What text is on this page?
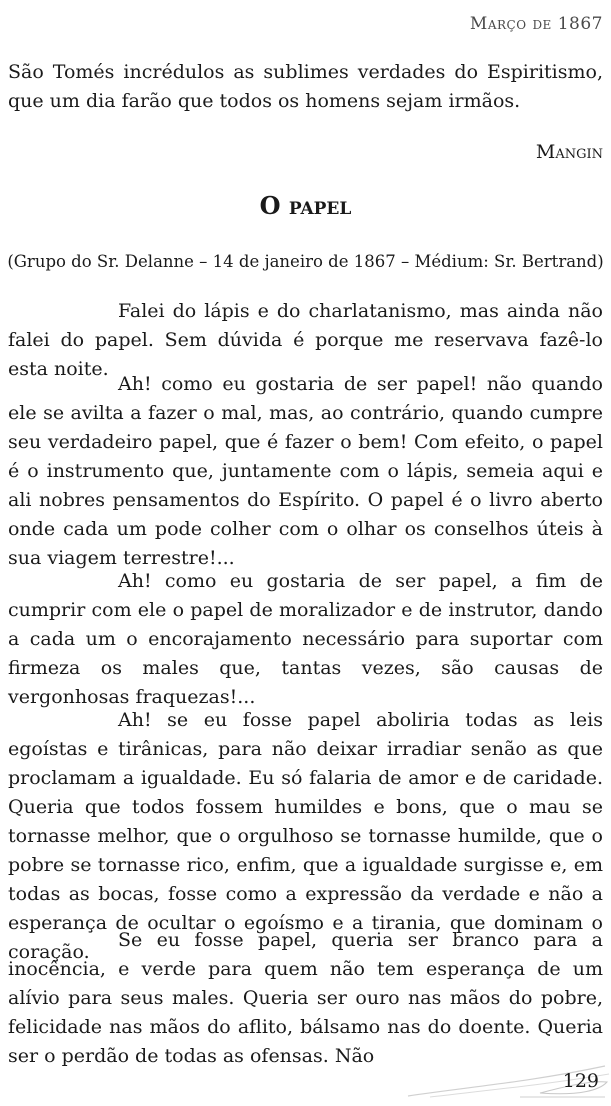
Março de 1867

São Tomés incrédulos as sublimes verdades do Espiritismo, que um dia farão que todos os homens sejam irmãos.

Mangin

O papel

(Grupo do Sr. Delanne – 14 de janeiro de 1867 – Médium: Sr. Bertrand)

Falei do lápis e do charlatanismo, mas ainda não falei do papel. Sem dúvida é porque me reservava fazê-lo esta noite.

Ah! como eu gostaria de ser papel! não quando ele se avilta a fazer o mal, mas, ao contrário, quando cumpre seu verdadeiro papel, que é fazer o bem! Com efeito, o papel é o instrumento que, juntamente com o lápis, semeia aqui e ali nobres pensamentos do Espírito. O papel é o livro aberto onde cada um pode colher com o olhar os conselhos úteis à sua viagem terrestre!...

Ah! como eu gostaria de ser papel, a fim de cumprir com ele o papel de moralizador e de instrutor, dando a cada um o encorajamento necessário para suportar com firmeza os males que, tantas vezes, são causas de vergonhosas fraquezas!...

Ah! se eu fosse papel aboliria todas as leis egoístas e tirânicas, para não deixar irradiar senão as que proclamam a igualdade. Eu só falaria de amor e de caridade. Queria que todos fossem humildes e bons, que o mau se tornasse melhor, que o orgulhoso se tornasse humilde, que o pobre se tornasse rico, enfim, que a igualdade surgisse e, em todas as bocas, fosse como a expressão da verdade e não a esperança de ocultar o egoísmo e a tirania, que dominam o coração.

Se eu fosse papel, queria ser branco para a inocência, e verde para quem não tem esperança de um alívio para seus males. Queria ser ouro nas mãos do pobre, felicidade nas mãos do aflito, bálsamo nas do doente. Queria ser o perdão de todas as ofensas. Não

129
